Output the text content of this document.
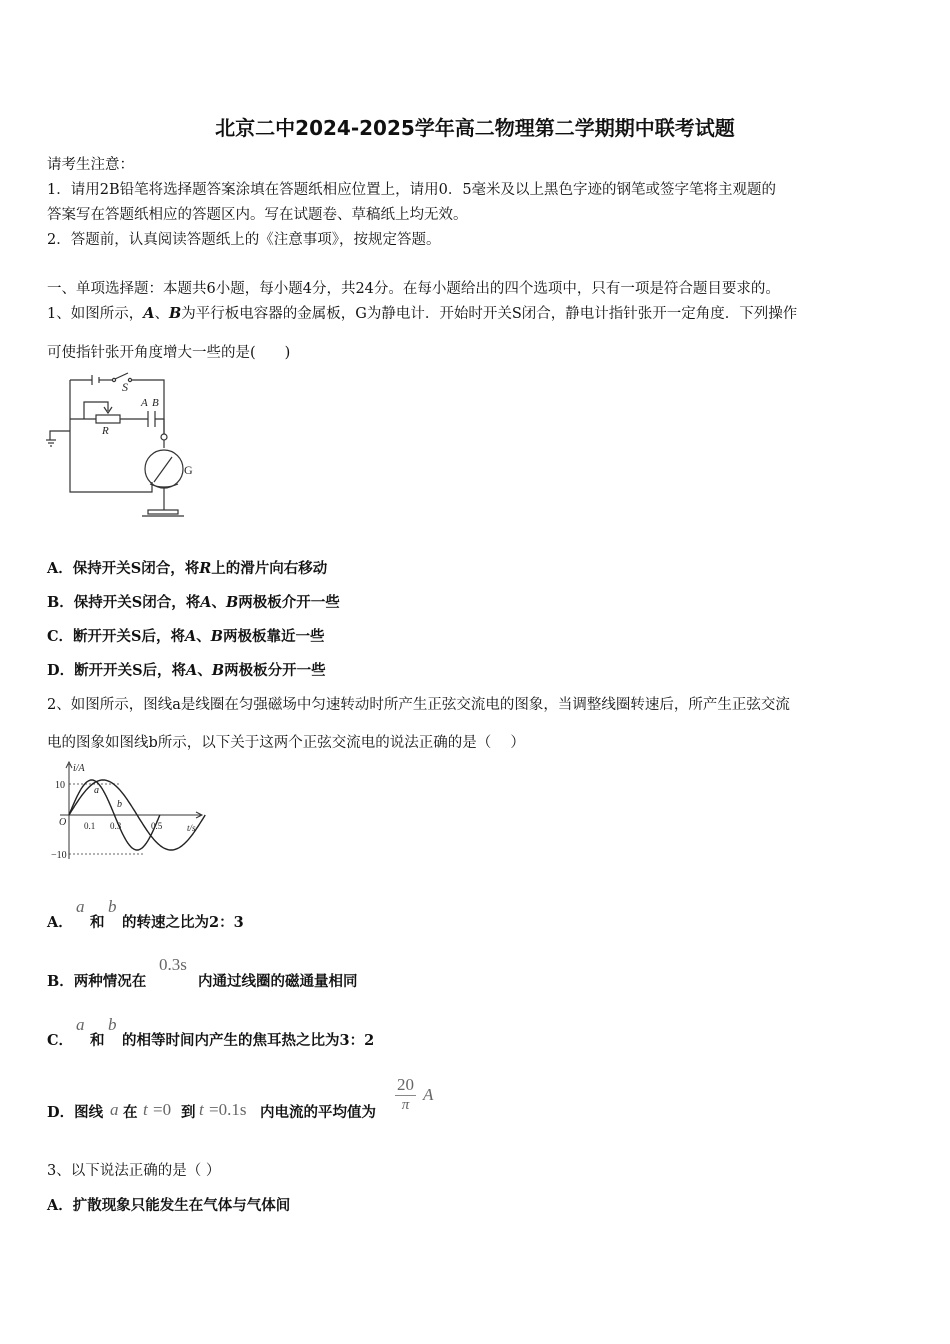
北京二中2024-2025学年高二物理第二学期期中联考试题
请考生注意：
1．请用2B铅笔将选择题答案涂填在答题纸相应位置上，请用0．5毫米及以上黑色字迹的钢笔或签字笔将主观题的
答案写在答题纸相应的答题区内。写在试题卷、草稿纸上均无效。
2．答题前，认真阅读答题纸上的《注意事项》，按规定答题。
一、单项选择题：本题共6小题，每小题4分，共24分。在每小题给出的四个选项中，只有一项是符合题目要求的。
1、如图所示，A、B为平行板电容器的金属板，G为静电计．开始时开关S闭合，静电计指针张开一定角度．下列操作
可使指针张开角度增大一些的是(　　)
S
A B
R
G
A．保持开关S闭合，将R上的滑片向右移动
B．保持开关S闭合，将A、B两极板介开一些
C．断开开关S后，将A、B两极板靠近一些
D．断开开关S后，将A、B两极板分开一些
2、如图所示，图线a是线圈在匀强磁场中匀速转动时所产生正弦交流电的图象，当调整线圈转速后，所产生正弦交流
电的图象如图线b所示，以下关于这两个正弦交流电的说法正确的是（　 ）
i/A
t/s
O
10
−10
0.1 0.3	0.5
a
b
A．
a
和
b
的转速之比为2：3
B．两种情况在
0.3s
内通过线圈的磁通量相同
C．
a
和
b
的相等时间内产生的焦耳热之比为3：2
D．图线 a 在 t =0 到 t =0.1s 内电流的平均值为 $\frac{20}{\pi}$ A
3、以下说法正确的是（ ）
A．扩散现象只能发生在气体与气体间
